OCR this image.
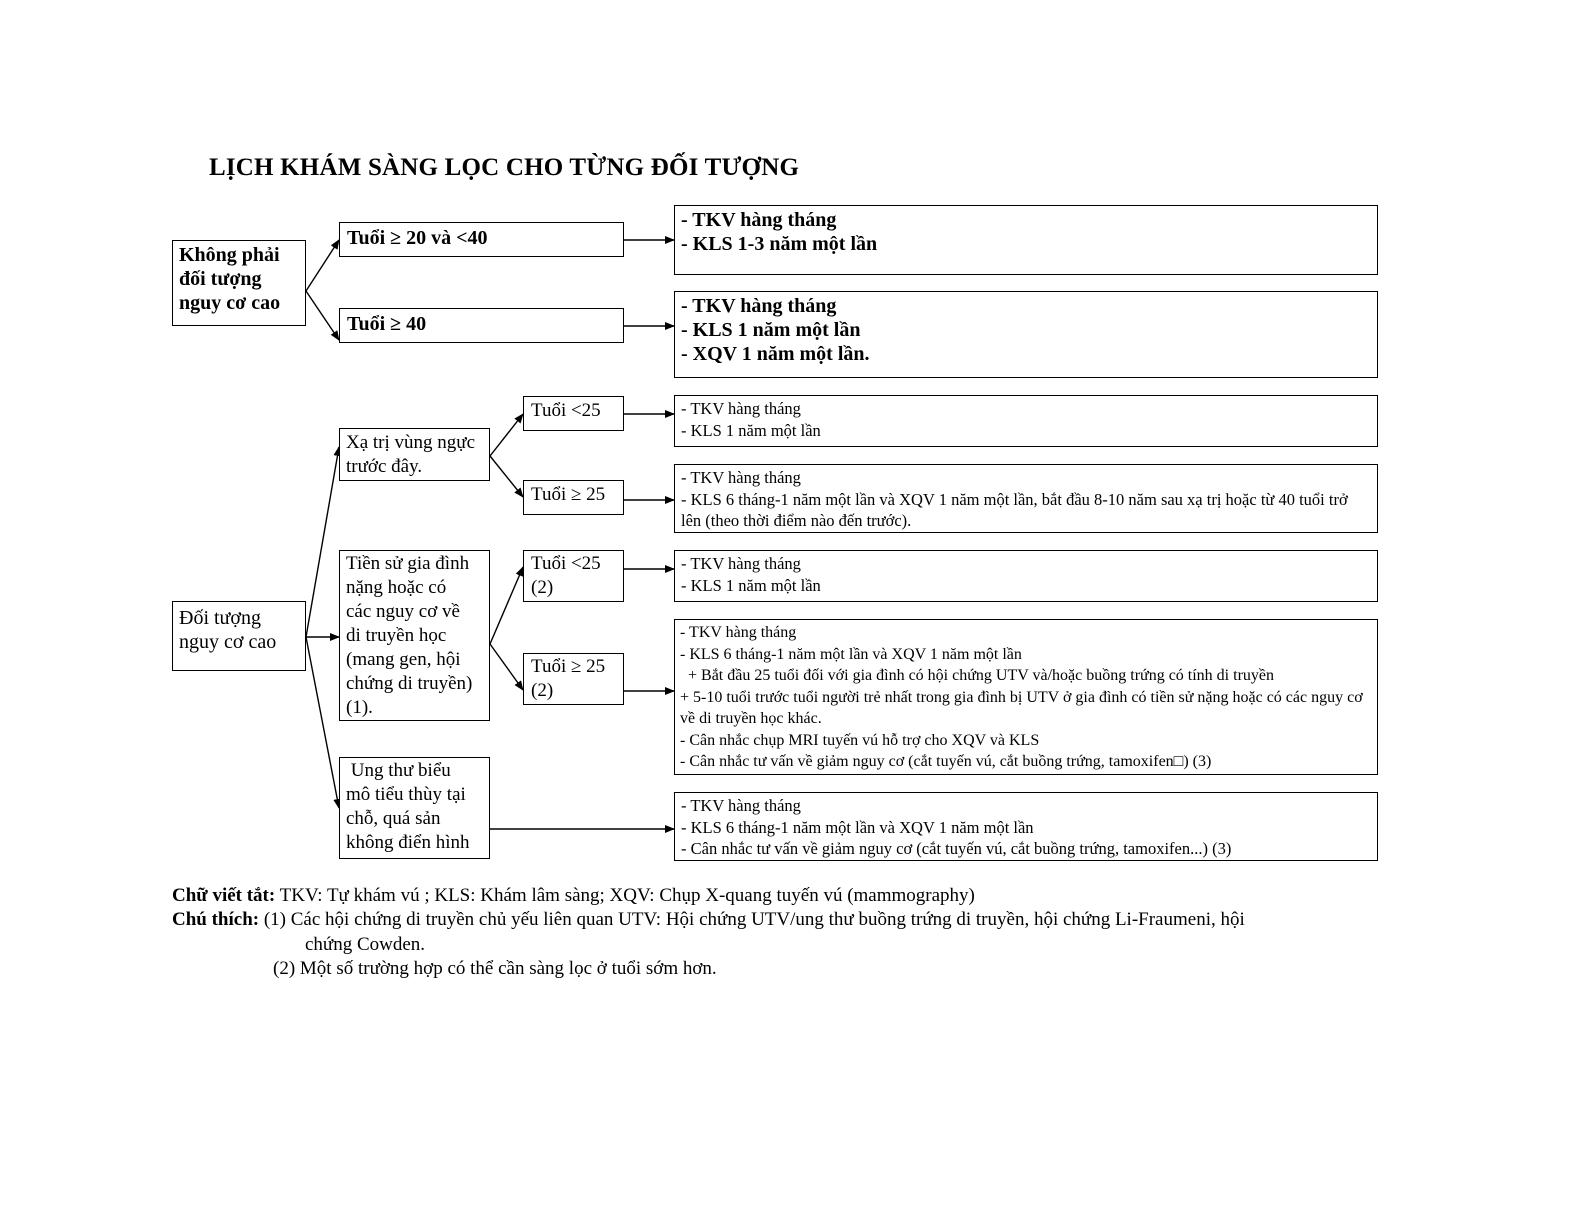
LỊCH KHÁM SÀNG LỌC CHO TỪNG ĐỐI TƯỢNG
Không phải
đối tượng
nguy cơ cao
Đối tượng
nguy cơ cao
Tuổi ≥ 20 và <40
Tuổi ≥ 40
Xạ trị vùng ngực
trước đây.
Tiền sử gia đình
nặng hoặc có
các nguy cơ về
di truyền học
(mang gen, hội
chứng di truyền)
(1).
Ung thư biểu
mô tiểu thùy tại
chỗ, quá sản
không điển hình
Tuổi <25
Tuổi ≥ 25
Tuổi <25
(2)
Tuổi ≥ 25
(2)
- TKV hàng tháng
- KLS 1-3 năm một lần
- TKV hàng tháng
- KLS 1 năm một lần
- XQV 1 năm một lần.
- TKV hàng tháng
- KLS 1 năm một lần
- TKV hàng tháng
- KLS 6 tháng-1 năm một lần và XQV 1 năm một lần, bắt đầu 8-10 năm sau xạ trị hoặc từ 40 tuổi trở lên (theo thời điểm nào đến trước).
- TKV hàng tháng
- KLS 1 năm một lần
- TKV hàng tháng
- KLS 6 tháng-1 năm một lần và XQV 1 năm một lần
+ Bắt đầu 25 tuổi đối với gia đình có hội chứng UTV và/hoặc buồng trứng có tính di truyền
+ 5-10 tuổi trước tuổi người trẻ nhất trong gia đình bị UTV ở gia đình có tiền sử nặng hoặc có các nguy cơ về di truyền học khác.
- Cân nhắc chụp MRI tuyến vú hỗ trợ cho XQV và KLS
- Cân nhắc tư vấn về giảm nguy cơ (cắt tuyến vú, cắt buồng trứng, tamoxifen□) (3)
- TKV hàng tháng
- KLS 6 tháng-1 năm một lần và XQV 1 năm một lần
- Cân nhắc tư vấn về giảm nguy cơ (cắt tuyến vú, cắt buồng trứng, tamoxifen...) (3)
Chữ viết tắt: TKV: Tự khám vú ; KLS: Khám lâm sàng; XQV: Chụp X-quang tuyến vú (mammography)
Chú thích: (1) Các hội chứng di truyền chủ yếu liên quan UTV: Hội chứng UTV/ung thư buồng trứng di truyền, hội chứng Li-Fraumeni, hội
chứng Cowden.
(2) Một số trường hợp có thể cần sàng lọc ở tuổi sớm hơn.
